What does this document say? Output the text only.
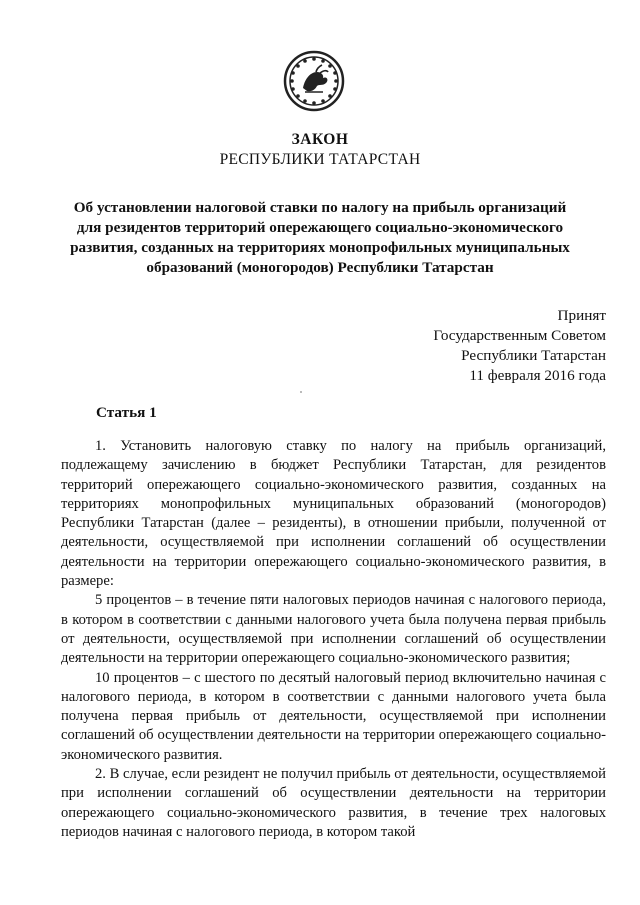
ЗАКОН
РЕСПУБЛИКИ ТАТАРСТАН
Об установлении налоговой ставки по налогу на прибыль организаций для резидентов территорий опережающего социально-экономического развития, созданных на территориях монопрофильных муниципальных образований (моногородов) Республики Татарстан
Принят
Государственным Советом
Республики Татарстан
11 февраля 2016 года
Статья 1

1. Установить налоговую ставку по налогу на прибыль организаций, подлежащему зачислению в бюджет Республики Татарстан, для резидентов территорий опережающего социально-экономического развития, созданных на территориях монопрофильных муниципальных образований (моногородов) Республики Татарстан (далее – резиденты), в отношении прибыли, полученной от деятельности, осуществляемой при исполнении соглашений об осуществлении деятельности на территории опережающего социально-экономического развития, в размере:

5 процентов – в течение пяти налоговых периодов начиная с налогового периода, в котором в соответствии с данными налогового учета была получена первая прибыль от деятельности, осуществляемой при исполнении соглашений об осуществлении деятельности на территории опережающего социально-экономического развития;

10 процентов – с шестого по десятый налоговый период включительно начиная с налогового периода, в котором в соответствии с данными налогового учета была получена первая прибыль от деятельности, осуществляемой при исполнении соглашений об осуществлении деятельности на территории опережающего социально-экономического развития.

2. В случае, если резидент не получил прибыль от деятельности, осуществляемой при исполнении соглашений об осуществлении деятельности на территории опережающего социально-экономического развития, в течение трех налоговых периодов начиная с налогового периода, в котором такой
